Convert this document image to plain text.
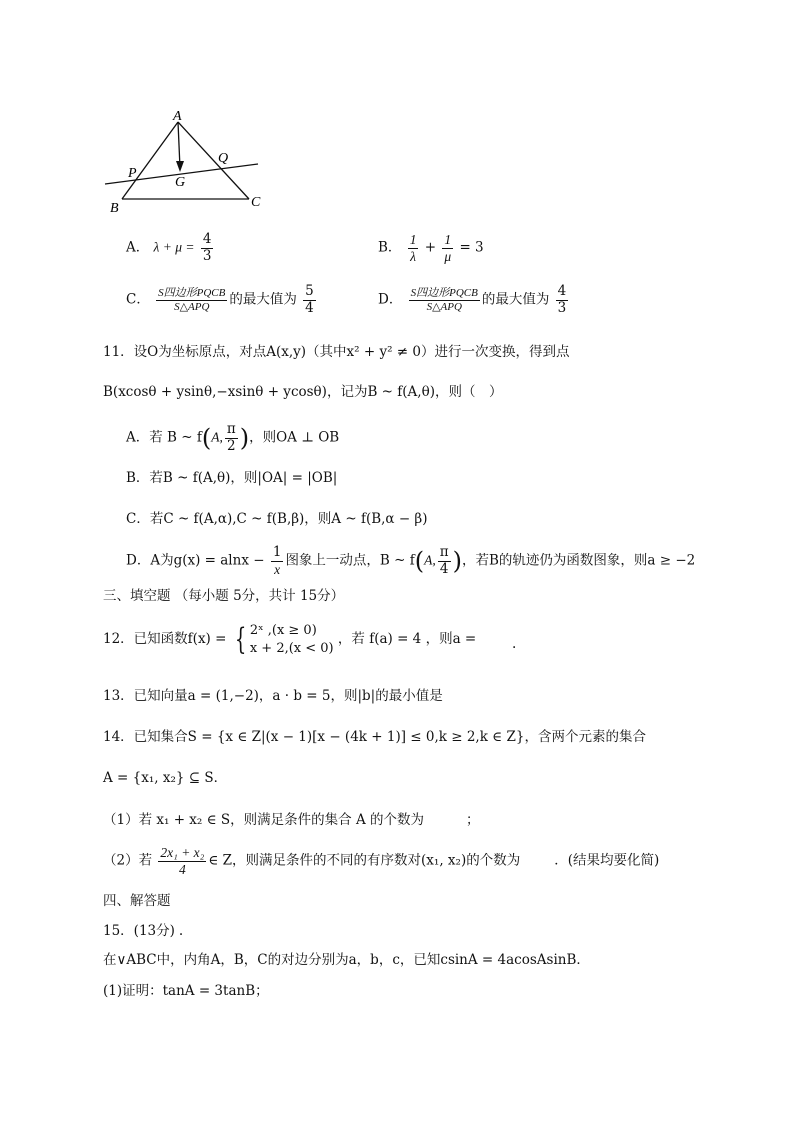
A
B	C
P
Q
G
A． $\lambda + \mu = \frac{4}{3}$	B． $\frac{1}{\lambda} + \frac{1}{\mu} = 3$
C． $\frac{\text{S四边形PQCB}}{\text{S△APQ}}$ 的最大值为 $\frac{5}{4}$	D． $\frac{\text{S四边形PQCB}}{\text{S△APQ}}$ 的最大值为 $\frac{4}{3}$
11．设O为坐标原点，对点A(x,y)（其中x² + y² ≠ 0）进行一次变换，得到点
B(xcosθ + ysinθ,−xsinθ + ycosθ)，记为B ~ f(A,θ)，则（　）
A．若 B ~ f(A, $\frac{\pi}{2}$ )，则OA ⊥ OB
B．若B ~ f(A,θ)，则|OA| = |OB|
C．若C ~ f(A,α),C ~ f(B,β)，则A ~ f(B,α − β)
D．A为$g(x) = alnx - \frac{1}{x}$ 图象上一动点，B ~ f(A, $\frac{\pi}{4}$ )，若B的轨迹仍为函数图象，则a ≥ −2
三、填空题 （每小题 5分，共计 15分）
12．已知函数f(x) = { 2ˣ ,(x ≥ 0)
x + 2,(x < 0)
，若 f(a) = 4 ，则a =	.
13．已知向量a = (1,−2)，a · b = 5，则|b|的最小值是
14．已知集合S = {x ∈ Z|(x − 1)[x − (4k + 1)] ≤ 0,k ≥ 2,k ∈ Z}，含两个元素的集合
A = {x₁, x₂} ⊆ S．
（1）若 x₁ + x₂ ∈ S，则满足条件的集合 A 的个数为	；
（2）若 $\frac{\text{2x₁ + x₂}}{4}$ ∈ Z，则满足条件的不同的有序数对(x₁, x₂)的个数为	．(结果均要化简)
四、解答题
15．(13分) .
在∨ABC中，内角A，B，C的对边分别为a，b，c，已知csinA = 4acosAsinB．
(1)证明：tanA = 3tanB；
